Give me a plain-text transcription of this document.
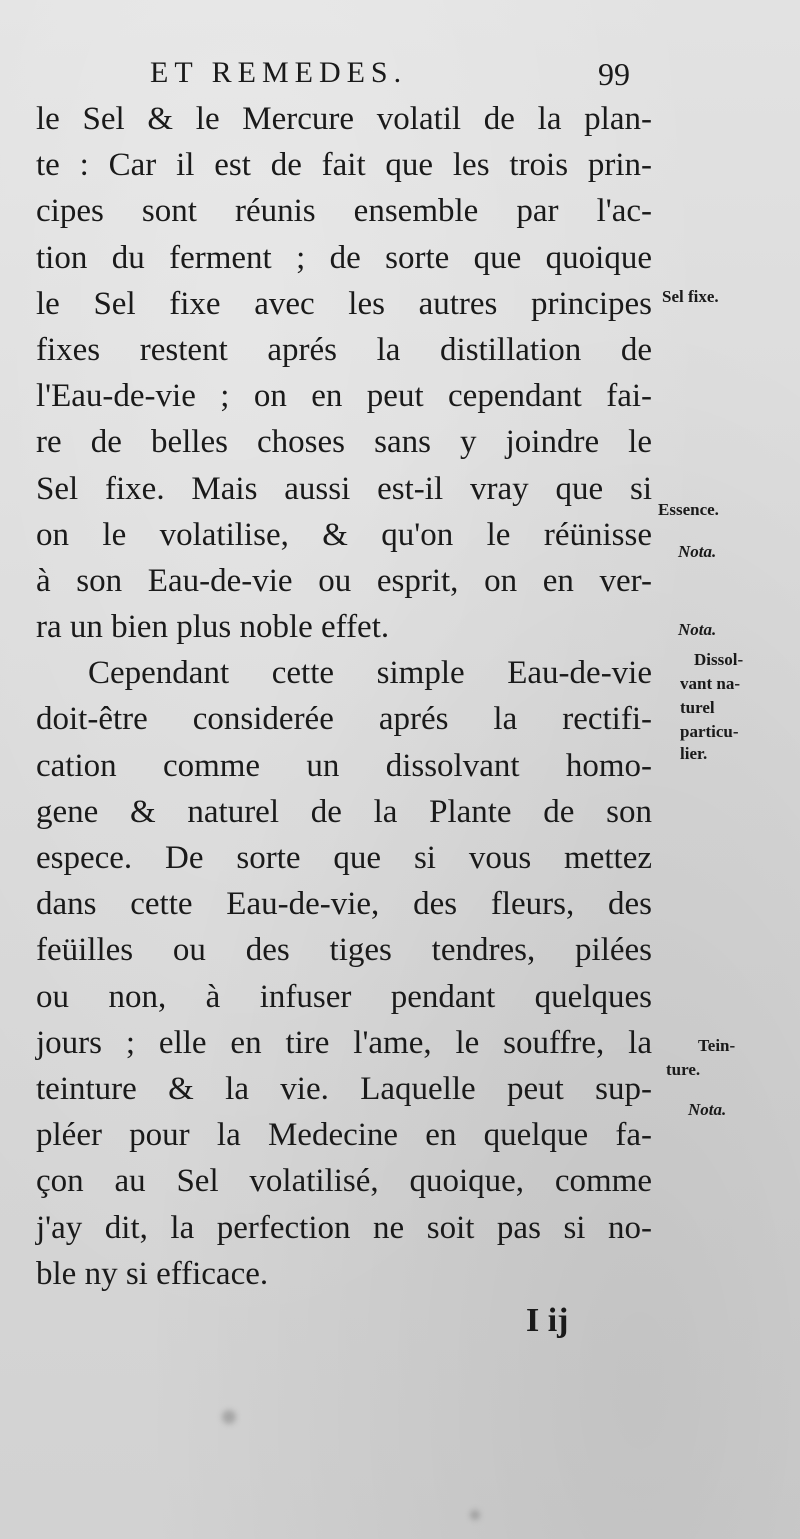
ET REMEDES.	99
le Sel & le Mercure volatil de la plan-
te : Car il est de fait que les trois prin-
cipes sont réunis ensemble par l'ac-
tion du ferment ; de sorte que quoique
le Sel fixe avec les autres principes
fixes restent aprés la distillation de
l'Eau-de-vie ; on en peut cependant fai-
re de belles choses sans y joindre le
Sel fixe. Mais aussi est-il vray que si
on le volatilise, & qu'on le réünisse
à son Eau-de-vie ou esprit, on en ver-
ra un bien plus noble effet.
Cependant cette simple Eau-de-vie
doit-être considerée aprés la rectifi-
cation comme un dissolvant homo-
gene & naturel de la Plante de son
espece. De sorte que si vous mettez
dans cette Eau-de-vie, des fleurs, des
feüilles ou des tiges tendres, pilées
ou non, à infuser pendant quelques
jours ; elle en tire l'ame, le souffre, la
teinture & la vie. Laquelle peut sup-
pléer pour la Medecine en quelque fa-
çon au Sel volatilisé, quoique, comme
j'ay dit, la perfection ne soit pas si no-
ble ny si efficace.
Sel fixe.
Essence.
Nota.
Nota.
Dissol-
vant na-
turel
particu-
lier.
Tein-
ture.
Nota.
I ij
